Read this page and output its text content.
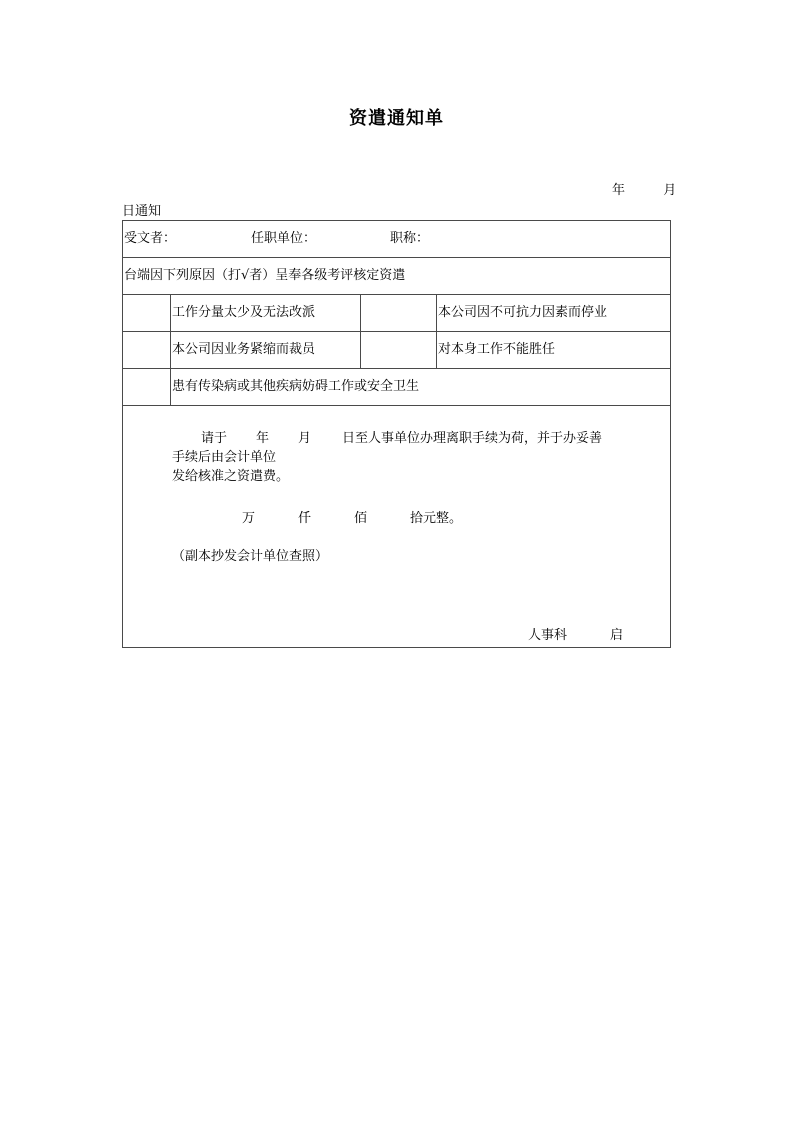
资遣通知单
年	月
日通知
受文者：	任职单位：	职称：
台端因下列原因（打√者）呈奉各级考评核定资遣
工作分量太少及无法改派	本公司因不可抗力因素而停业
本公司因业务紧缩而裁员	对本身工作不能胜任
患有传染病或其他疾病妨碍工作或安全卫生
请于 年 月 日至人事单位办理离职手续为荷，并于办妥善
手续后由会计单位
发给核准之资遣费。
万	仟	佰	拾元整。
（副本抄发会计单位查照）
人事科	启
